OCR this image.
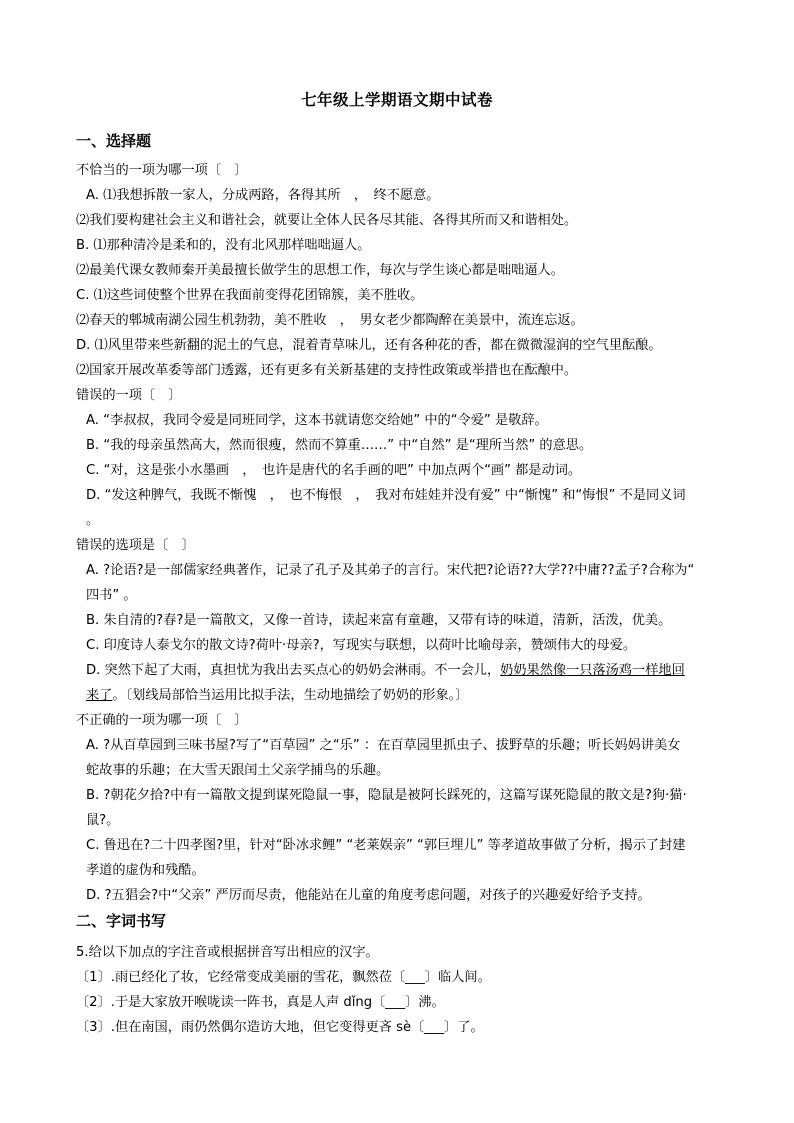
七年级上学期语文期中试卷
一、选择题
不恰当的一项为哪一项〔　〕
A. ⑴我想拆散一家人，分成两路，各得其所　，　终不愿意。
⑵我们要构建社会主义和谐社会，就要让全体人民各尽其能、各得其所而又和谐相处。
B. ⑴那种清冷是柔和的，没有北风那样咄咄逼人。
⑵最美代课女教师秦开美最擅长做学生的思想工作，每次与学生谈心都是咄咄逼人。
C. ⑴这些词使整个世界在我面前变得花团锦簇，美不胜收。
⑵春天的郫城南湖公园生机勃勃，美不胜收　，　男女老少都陶醉在美景中，流连忘返。
D. ⑴风里带来些新翻的泥土的气息，混着青草味儿，还有各种花的香，都在微微湿润的空气里酝酿。
⑵国家开展改革委等部门透露，还有更多有关新基建的支持性政策或举措也在酝酿中。
错误的一项〔　〕
A. “李叔叔，我同令爱是同班同学，这本书就请您交给她” 中的“令爱” 是敬辞。
B. “我的母亲虽然高大，然而很瘦，然而不算重……” 中“自然” 是“理所当然” 的意思。
C. “对，这是张小水墨画　，　也许是唐代的名手画的吧” 中加点两个“画” 都是动词。
D. “发这种脾气，我既不惭愧　，　也不悔恨　，　我对布娃娃并没有爱” 中“惭愧” 和“悔恨” 不是同义词
。
错误的选项是〔　〕
A. ?论语?是一部儒家经典著作，记录了孔子及其弟子的言行。宋代把?论语??大学??中庸??孟子?合称为“
四书” 。
B. 朱自清的?春?是一篇散文，又像一首诗，读起来富有童趣，又带有诗的味道，清新，活泼，优美。
C. 印度诗人泰戈尔的散文诗?荷叶·母亲?，写现实与联想，以荷叶比喻母亲，赞颂伟大的母爱。
D. 突然下起了大雨，真担忧为我出去买点心的奶奶会淋雨。不一会儿，奶奶果然像一只落汤鸡一样地回
来了。〔划线局部恰当运用比拟手法，生动地描绘了奶奶的形象。〕
不正确的一项为哪一项〔　〕
A. ?从百草园到三味书屋?写了“百草园” 之“乐” ：在百草园里抓虫子、拔野草的乐趣；听长妈妈讲美女
蛇故事的乐趣；在大雪天跟闰土父亲学捕鸟的乐趣。
B. ?朝花夕拾?中有一篇散文提到谋死隐鼠一事，隐鼠是被阿长踩死的，这篇写谋死隐鼠的散文是?狗·猫·
鼠?。
C. 鲁迅在?二十四孝图?里，针对“卧冰求鲤” “老莱娱亲” “郭巨埋儿” 等孝道故事做了分析，揭示了封建
孝道的虚伪和残酷。
D. ?五猖会?中“父亲” 严厉而尽责，他能站在儿童的角度考虑问题，对孩子的兴趣爱好给予支持。
二、字词书写
5.给以下加点的字注音或根据拼音写出相应的汉字。
〔1〕.雨已经化了妆，它经常变成美丽的雪花，飘然莅〔___〕临人间。
〔2〕.于是大家放开喉咙读一阵书，真是人声 dǐng〔___〕沸。
〔3〕.但在南国，雨仍然偶尔造访大地，但它变得更吝 sè〔___〕了。
